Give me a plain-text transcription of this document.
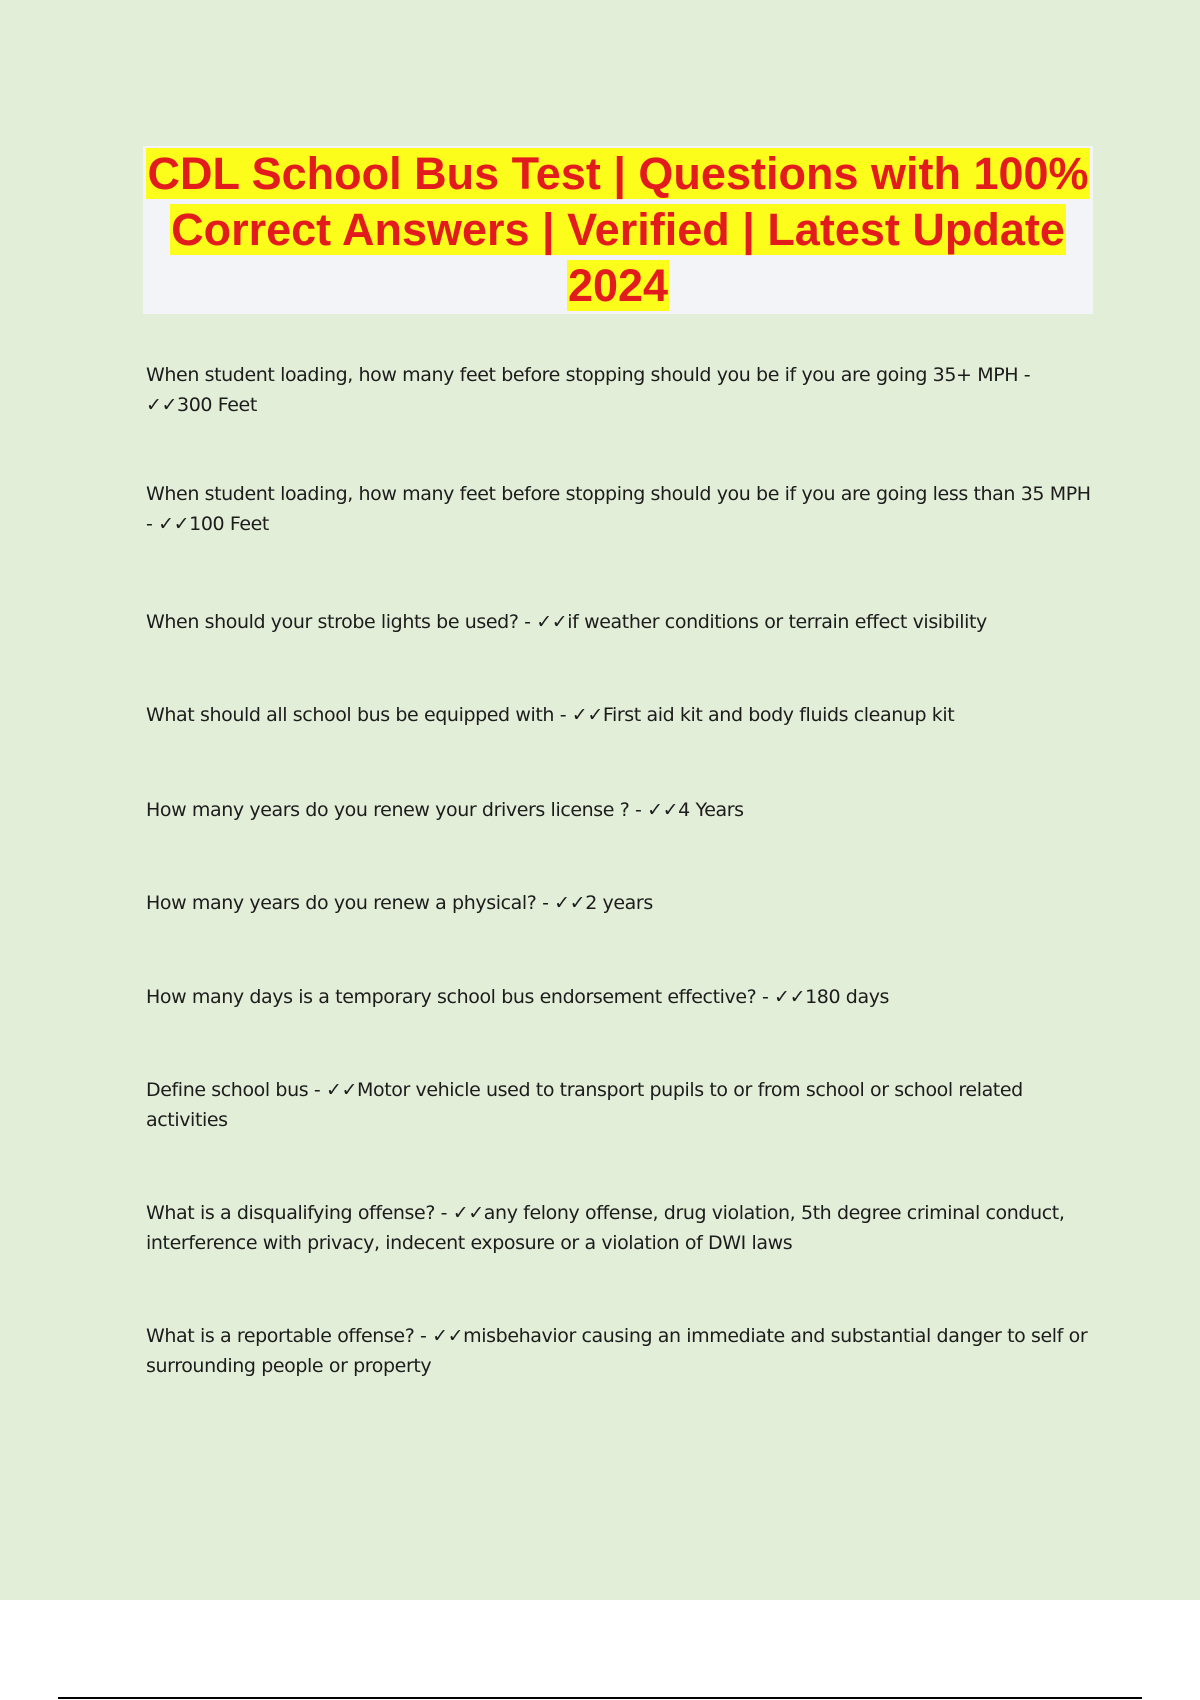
CDL School Bus Test | Questions with 100% Correct Answers | Verified | Latest Update 2024
When student loading, how many feet before stopping should you be if you are going 35+ MPH - ✓✓300 Feet
When student loading, how many feet before stopping should you be if you are going less than 35 MPH - ✓✓100 Feet
When should your strobe lights be used? - ✓✓if weather conditions or terrain effect visibility
What should all school bus be equipped with - ✓✓First aid kit and body fluids cleanup kit
How many years do you renew your drivers license ? - ✓✓4 Years
How many years do you renew a physical? - ✓✓2 years
How many days is a temporary school bus endorsement effective? - ✓✓180 days
Define school bus - ✓✓Motor vehicle used to transport pupils to or from school or school related activities
What is a disqualifying offense? - ✓✓any felony offense, drug violation, 5th degree criminal conduct, interference with privacy, indecent exposure or a violation of DWI laws
What is a reportable offense? - ✓✓misbehavior causing an immediate and substantial danger to self or surrounding people or property
